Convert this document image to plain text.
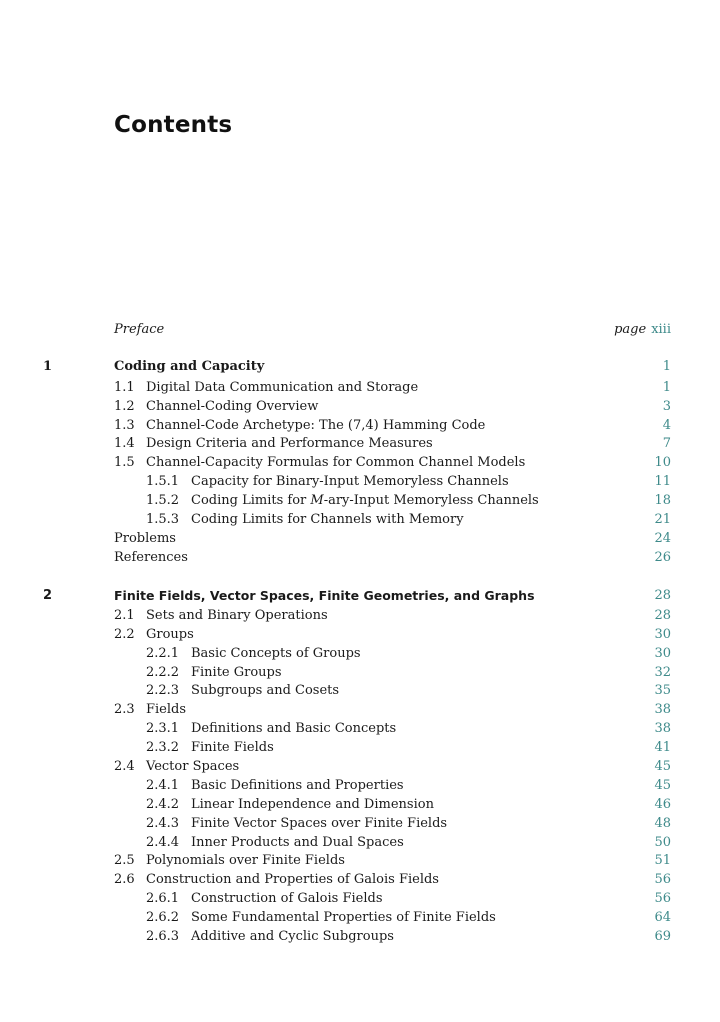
Contents
Preface	page xiii
1	Coding and Capacity	1
1.1 Digital Data Communication and Storage	1
1.2 Channel-Coding Overview	3
1.3 Channel-Code Archetype: The (7,4) Hamming Code	4
1.4 Design Criteria and Performance Measures	7
1.5 Channel-Capacity Formulas for Common Channel Models	10
1.5.1 Capacity for Binary-Input Memoryless Channels	11
1.5.2 Coding Limits for M-ary-Input Memoryless Channels	18
1.5.3 Coding Limits for Channels with Memory	21
Problems	24
References	26
2	Finite Fields, Vector Spaces, Finite Geometries, and Graphs	28
2.1 Sets and Binary Operations	28
2.2 Groups	30
2.2.1 Basic Concepts of Groups	30
2.2.2 Finite Groups	32
2.2.3 Subgroups and Cosets	35
2.3 Fields	38
2.3.1 Definitions and Basic Concepts	38
2.3.2 Finite Fields	41
2.4 Vector Spaces	45
2.4.1 Basic Definitions and Properties	45
2.4.2 Linear Independence and Dimension	46
2.4.3 Finite Vector Spaces over Finite Fields	48
2.4.4 Inner Products and Dual Spaces	50
2.5 Polynomials over Finite Fields	51
2.6 Construction and Properties of Galois Fields	56
2.6.1 Construction of Galois Fields	56
2.6.2 Some Fundamental Properties of Finite Fields	64
2.6.3 Additive and Cyclic Subgroups	69
